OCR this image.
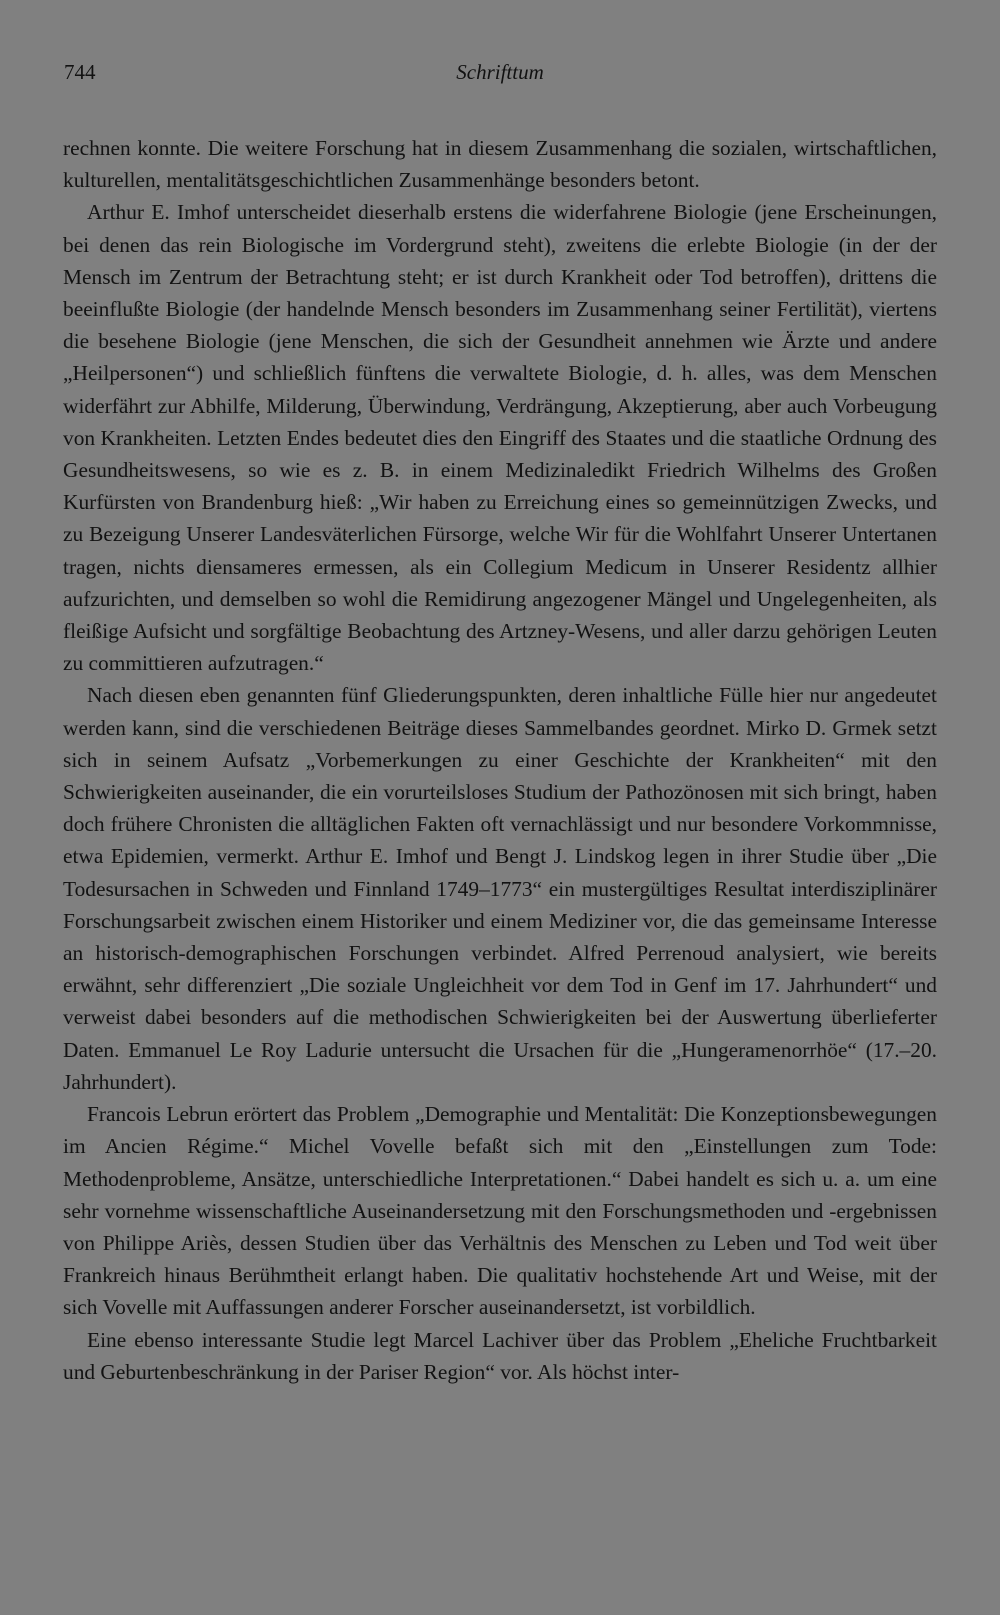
744	Schrifttum

rechnen konnte. Die weitere Forschung hat in diesem Zusammenhang die sozialen, wirtschaftlichen, kulturellen, mentalitätsgeschichtlichen Zusammenhänge besonders betont.

Arthur E. Imhof unterscheidet dieserhalb erstens die widerfahrene Biologie (jene Erscheinungen, bei denen das rein Biologische im Vordergrund steht), zweitens die erlebte Biologie (in der der Mensch im Zentrum der Betrachtung steht; er ist durch Krankheit oder Tod betroffen), drittens die beeinflußte Biologie (der handelnde Mensch besonders im Zusammenhang seiner Fertilität), viertens die besehene Biologie (jene Menschen, die sich der Gesundheit annehmen wie Ärzte und andere „Heilpersonen“) und schließlich fünftens die verwaltete Biologie, d. h. alles, was dem Menschen widerfährt zur Abhilfe, Milderung, Überwindung, Verdrängung, Akzeptierung, aber auch Vorbeugung von Krankheiten. Letzten Endes bedeutet dies den Eingriff des Staates und die staatliche Ordnung des Gesundheitswesens, so wie es z. B. in einem Medizinaledikt Friedrich Wilhelms des Großen Kurfürsten von Brandenburg hieß: „Wir haben zu Erreichung eines so gemeinnützigen Zwecks, und zu Bezeigung Unserer Landesväterlichen Fürsorge, welche Wir für die Wohlfahrt Unserer Untertanen tragen, nichts diensameres ermessen, als ein Collegium Medicum in Unserer Residentz allhier aufzurichten, und demselben so wohl die Remidirung angezogener Mängel und Ungelegenheiten, als fleißige Aufsicht und sorgfältige Beobachtung des Artzney-Wesens, und aller darzu gehörigen Leuten zu committieren aufzutragen.“

Nach diesen eben genannten fünf Gliederungspunkten, deren inhaltliche Fülle hier nur angedeutet werden kann, sind die verschiedenen Beiträge dieses Sammelbandes geordnet. Mirko D. Grmek setzt sich in seinem Aufsatz „Vorbemerkungen zu einer Geschichte der Krankheiten“ mit den Schwierigkeiten auseinander, die ein vorurteilsloses Studium der Pathozönosen mit sich bringt, haben doch frühere Chronisten die alltäglichen Fakten oft vernachlässigt und nur besondere Vorkommnisse, etwa Epidemien, vermerkt. Arthur E. Imhof und Bengt J. Lindskog legen in ihrer Studie über „Die Todesursachen in Schweden und Finnland 1749–1773“ ein mustergültiges Resultat interdisziplinärer Forschungsarbeit zwischen einem Historiker und einem Mediziner vor, die das gemeinsame Interesse an historisch-demographischen Forschungen verbindet. Alfred Perrenoud analysiert, wie bereits erwähnt, sehr differenziert „Die soziale Ungleichheit vor dem Tod in Genf im 17. Jahrhundert“ und verweist dabei besonders auf die methodischen Schwierigkeiten bei der Auswertung überlieferter Daten. Emmanuel Le Roy Ladurie untersucht die Ursachen für die „Hungeramenorrhöe“ (17.–20. Jahrhundert).

Francois Lebrun erörtert das Problem „Demographie und Mentalität: Die Konzeptionsbewegungen im Ancien Régime.“ Michel Vovelle befaßt sich mit den „Einstellungen zum Tode: Methodenprobleme, Ansätze, unterschiedliche Interpretationen.“ Dabei handelt es sich u. a. um eine sehr vornehme wissenschaftliche Auseinandersetzung mit den Forschungsmethoden und -ergebnissen von Philippe Ariès, dessen Studien über das Verhältnis des Menschen zu Leben und Tod weit über Frankreich hinaus Berühmtheit erlangt haben. Die qualitativ hochstehende Art und Weise, mit der sich Vovelle mit Auffassungen anderer Forscher auseinandersetzt, ist vorbildlich.

Eine ebenso interessante Studie legt Marcel Lachiver über das Problem „Eheliche Fruchtbarkeit und Geburtenbeschränkung in der Pariser Region“ vor. Als höchst inter-
